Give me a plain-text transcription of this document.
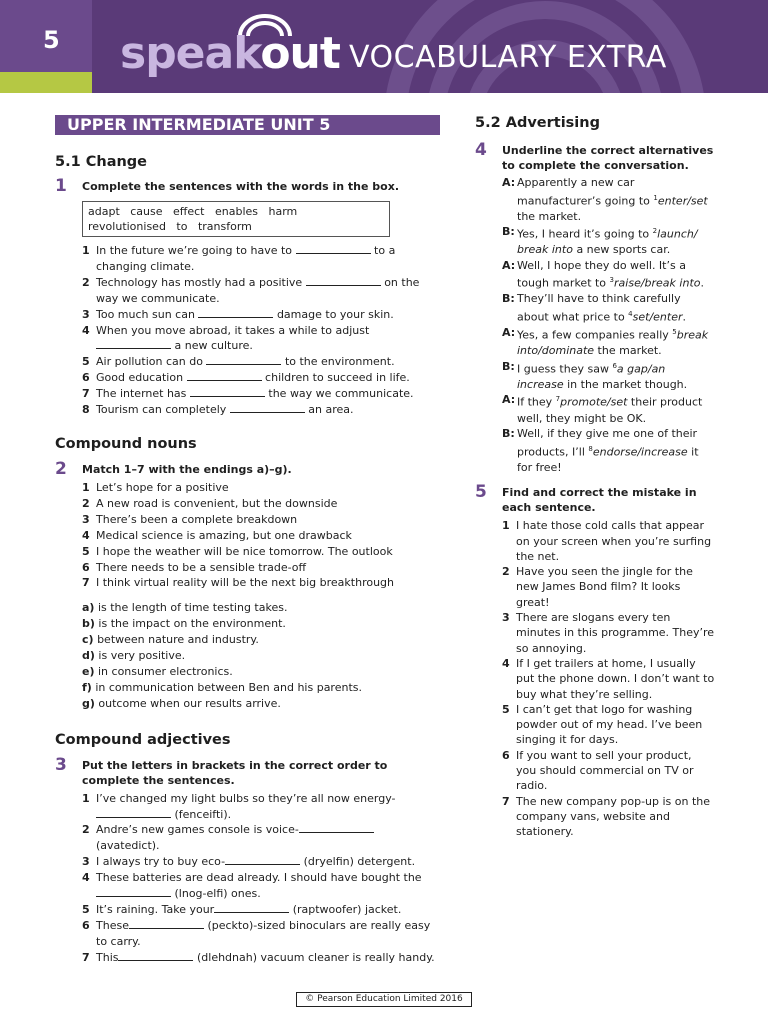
5	speakout VOCABULARY EXTRA
UPPER INTERMEDIATE UNIT 5
5.1 Change
1 Complete the sentences with the words in the box.
adapt cause effect enables harm revolutionised to transform
1 In the future we’re going to have to	to a changing climate.
2 Technology has mostly had a positive	on the way we communicate.
3 Too much sun can	damage to your skin.
4 When you move abroad, it takes a while to adjust  a new culture.
5 Air pollution can do	to the environment.
6 Good education	children to succeed in life.
7 The internet has	the way we communicate.
8 Tourism can completely	an area.
Compound nouns
2 Match 1–7 with the endings a)–g).
1 Let’s hope for a positive
2 A new road is convenient, but the downside
3 There’s been a complete breakdown
4 Medical science is amazing, but one drawback
5 I hope the weather will be nice tomorrow. The outlook
6 There needs to be a sensible trade-off
7 I think virtual reality will be the next big breakthrough
a) is the length of time testing takes.
b) is the impact on the environment.
c) between nature and industry.
d) is very positive.
e) in consumer electronics.
f) in communication between Ben and his parents.
g) outcome when our results arrive.
Compound adjectives
3 Put the letters in brackets in the correct order to complete the sentences.
1 I’ve changed my light bulbs so they’re all now energy- (fenceifti).
2 Andre’s new games console is voice- (avatedict).
3 I always try to buy eco-	(dryelfin) detergent.
4 These batteries are dead already. I should have bought the (lnog-elfi) ones.
5 It’s raining. Take your	(raptwoofer) jacket.
6 These	(peckto)-sized binoculars are really easy to carry.
7 This	(dlehdnah) vacuum cleaner is really handy.
5.2 Advertising
4 Underline the correct alternatives to complete the conversation.
A: Apparently a new car manufacturer’s going to $^1$enter/set the market.
B: Yes, I heard it’s going to $^2$launch/ break into a new sports car.
A: Well, I hope they do well. It’s a tough market to $^3$raise/break into.
B: They’ll have to think carefully about what price to $^4$set/enter.
A: Yes, a few companies really $^5$break into/dominate the market.
B: I guess they saw $^6$a gap/an increase in the market though.
A: If they $^7$promote/set their product well, they might be OK.
B: Well, if they give me one of their products, I’ll $^8$endorse/increase it for free!
5 Find and correct the mistake in each sentence.
1 I hate those cold calls that appear on your screen when you’re surfing the net.
2 Have you seen the jingle for the new James Bond film? It looks great!
3 There are slogans every ten minutes in this programme. They’re so annoying.
4 If I get trailers at home, I usually put the phone down. I don’t want to buy what they’re selling.
5 I can’t get that logo for washing powder out of my head. I’ve been singing it for days.
6 If you want to sell your product, you should commercial on TV or radio.
7 The new company pop-up is on the company vans, website and stationery.
© Pearson Education Limited 2016
